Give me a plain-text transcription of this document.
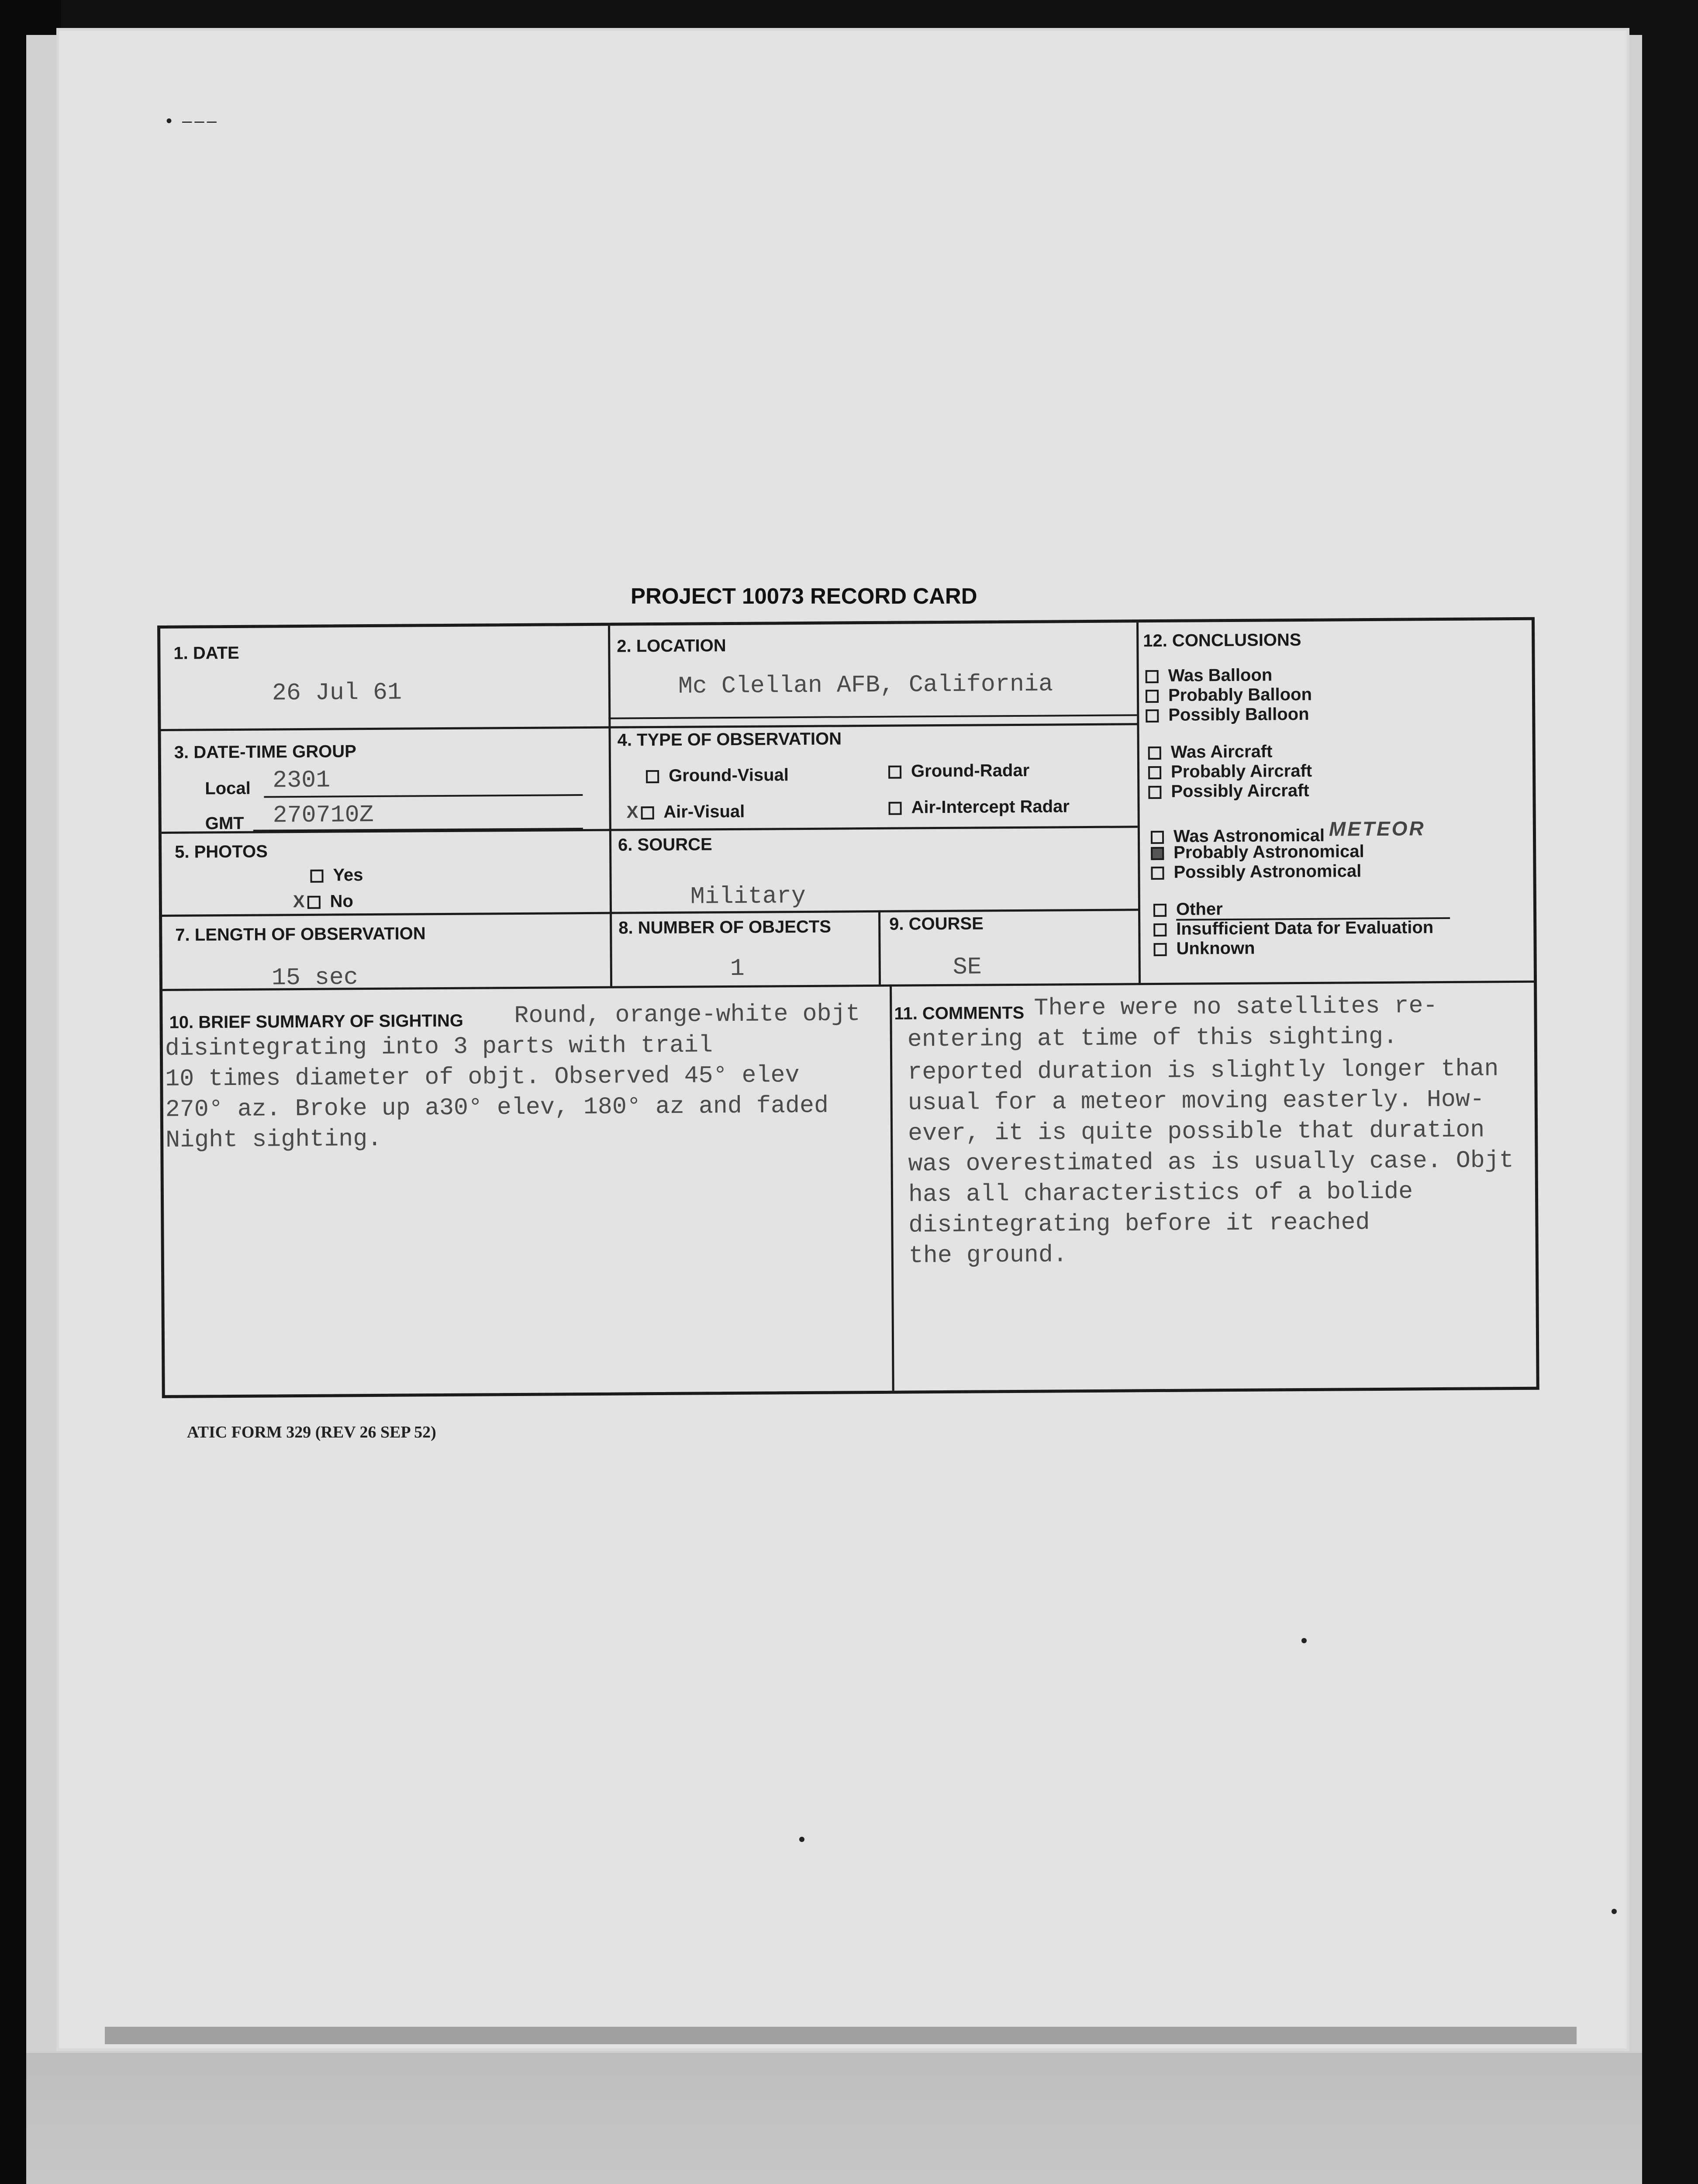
• ‒‒‒
PROJECT 10073 RECORD CARD
1. DATE
26 Jul 61
2. LOCATION
Mc Clellan AFB, California
3. DATE-TIME GROUP
Local 2301
GMT 270710Z
4. TYPE OF OBSERVATION
Ground-Visual	Ground-Radar
X Air-Visual	Air-Intercept Radar
5. PHOTOS
Yes
X No
6. SOURCE
Military
7. LENGTH OF OBSERVATION
15 sec
8. NUMBER OF OBJECTS
1
9. COURSE
SE
12. CONCLUSIONS
Was Balloon
Probably Balloon
Possibly Balloon
Was Aircraft
Probably Aircraft
Possibly Aircraft
Was Astronomical METEOR
Probably Astronomical
Possibly Astronomical
Other
Insufficient Data for Evaluation
Unknown
10. BRIEF SUMMARY OF SIGHTING Round, orange-white objt
disintegrating into 3 parts with trail
10 times diameter of objt. Observed 45° elev
270° az. Broke up a30° elev, 180° az and faded
Night sighting.
11. COMMENTS There were no satellites re-
entering at time of this sighting.
reported duration is slightly longer than
usual for a meteor moving easterly. How-
ever, it is quite possible that duration
was overestimated as is usually case. Objt
has all characteristics of a bolide
disintegrating before it reached
the ground.
ATIC FORM 329 (REV 26 SEP 52)
